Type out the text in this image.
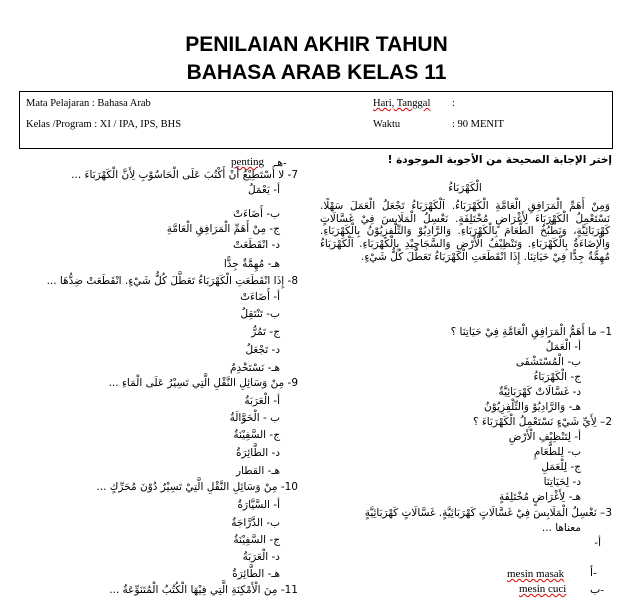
PENILAIAN AKHIR TAHUN
BAHASA ARAB KELAS 11
Mata Pelajaran : Bahasa Arab
Kelas /Program : XI / IPA, IPS, BHS
Hari, Tanggal :
Waktu	: 90 MENIT
إختر الإجابة الصحيحة من الأجوبة الموجودة !
الْكَهْرَبَاءُ
وَمِنْ أَهَمِّ الْمَرَافِقِ الْعَامَّةِ الْكَهْرَبَاءُ. اَلْكَهْرَبَاءُ تَجْعَلُ الْعَمَلَ سَهْلًا. نَسْتَعْمِلُ الْكَهْرَبَاءَ لِأَغْرَاضٍ مُخْتَلِفَةٍ. نَغْسِلُ الْمَلَابِسَ فِيْ غَسَّالَاتٍ كَهْرَبَائِيَّةٍ، وَنَطْبُخُ الطَّعَامَ بِالْكَهْرَبَاءِ. وَالرَّادِيُوْ وَالتِّلْفِزِيُوْنُ بِالْكَهْرَبَاءِ. وَالْإِضَاءَةُ بِالْكَهْرَبَاءِ. وَتَنْظِيْفُ الْأَرْضِ وَالسَّجَاجِيْدِ بِالْكَهْرَبَاءِ. اَلْكَهْرَبَاءُ مُهِمَّةٌ جِدًّا فِيْ حَيَاتِنَا. إِذَا انْقَطَعَتِ الْكَهْرَبَاءُ تَعَطَّلَ كُلُّ شَيْءٍ.
1– ما أَهَمُّ الْمَرَافِقِ الْعَامَّةِ فِيْ حَيَاتِنَا ؟
أ- الْعَمَلُ
ب- الْمُسْتَشْفَى
ج- الْكَهْرَبَاءُ
د- غَسَّالَاتٌ كَهْرَبَائِيَّةٌ
هـ- وَالرَّادِيُوْ وَالتِّلْفِزِيُوْنُ
2– لِأَيِّ شَيْءٍ نَسْتَعْمِلُ الْكَهْرَبَاءَ ؟
أ- لِتَنْظِيْفِ الْأَرْضِ
ب- لِلطَّعَامِ
ج- لِلْعَمَلِ
د- لِحَيَاتِنَا
هـ- لِأَغْرَاضٍ مُخْتَلِفَةٍ
3– نَغْسِلُ الْمَلَابِسَ فِيْ غَسَّالَاتٍ كَهْرَبَائِيَّةٍ. غَسَّالَاتٍ كَهْرَبَائِيَّةٍ
معناها ...
أ-
mesin masak أ-
mesin cuci ب-
penting هـ-
7- لا أَسْتَطِيْعُ أَنْ أَكْتُبَ عَلَى الْحَاسُوْبِ لِأَنَّ الْكَهْرَبَاءَ ...
أ- يَعْمَلُ
ب- أَضَاءَتْ
ج- مِنْ أَهَمِّ الْمَرَافِقِ الْعَامَّةِ
د- انْقَطَعَتْ
هـ- مُهِمَّةٌ جِدًّا
8- إِذَا انْقَطَعَتِ الْكَهْرَبَاءُ تَعَطَّلَ كُلُّ شَيْءٍ. انْقَطَعَتْ ضِدُّهَا ...
أ- أَضَاءَتْ
ب- تَنْتَقِلُ
ج- تَمُرُّ
د- تَجْعَلُ
هـ- نَسْتَخْدِمُ
9- مِنْ وَسَائِلِ النَّقْلِ الَّتِي تَسِيْرُ عَلَى الْمَاءِ ...
أ- الْعَرَبَةُ
ب - الْحَوَّالَةُ
ج- السَّفِيْنَةُ
د- الطَّائِرَةُ
هـ- القطار
10- مِنْ وَسَائِلِ النَّقْلِ الَّتِيْ تَسِيْرُ دُوْنَ مُحَرِّكٍ ...
أ- السَّيَّارَةُ
ب- الدَّرَّاجَةُ
ج- السَّفِيْنَةُ
د- الْعَرَبَةُ
هـ- الطَّائِرَةُ
11- مِنَ الْأَمْكِنَةِ الَّتِي فِيْهَا الْكُتُبُ الْمُتَنَوِّعَةُ ...
